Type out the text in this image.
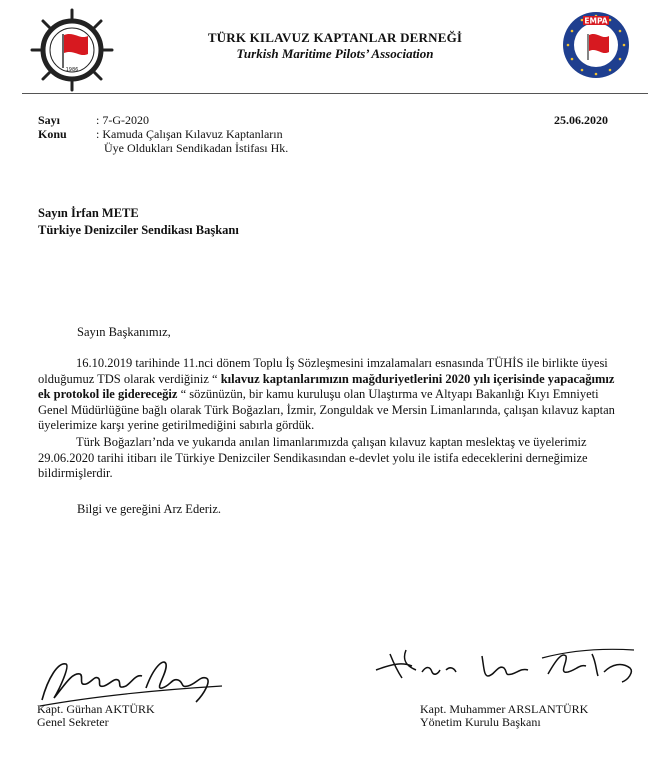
1986
TÜRK KILAVUZ KAPTANLAR DERNEĞİ
Turkish Maritime Pilots’ Association
EMPA
Sayı	: 7-G-2020
Konu : Kamuda Çalışan Kılavuz Kaptanların
Üye Oldukları Sendikadan İstifası Hk.
25.06.2020
Sayın İrfan METE
Türkiye Denizciler Sendikası Başkanı
Sayın Başkanımız,
16.10.2019 tarihinde 11.nci dönem Toplu İş Sözleşmesini imzalamaları esnasında TÜHİS ile birlikte üyesi olduğumuz TDS olarak verdiğiniz “ kılavuz kaptanlarımızın mağduriyetlerini 2020 yılı içerisinde yapacağımız ek protokol ile gidereceğiz “ sözünüzün, bir kamu kuruluşu olan Ulaştırma ve Altyapı Bakanlığı Kıyı Emniyeti Genel Müdürlüğüne bağlı olarak Türk Boğazları, İzmir, Zonguldak ve Mersin Limanlarında, çalışan kılavuz kaptan üyelerimize karşı yerine getirilmediğini sabırla gördük.
Türk Boğazları’nda ve yukarıda anılan limanlarımızda çalışan kılavuz kaptan meslektaş ve üyelerimiz 29.06.2020 tarihi itibarı ile Türkiye Denizciler Sendikasından e-devlet yolu ile istifa edeceklerini derneğimize bildirmişlerdir.
Bilgi ve gereğini Arz Ederiz.
Kapt. Gürhan AKTÜRK
Genel Sekreter
Kapt. Muhammer ARSLANTÜRK
Yönetim Kurulu Başkanı
